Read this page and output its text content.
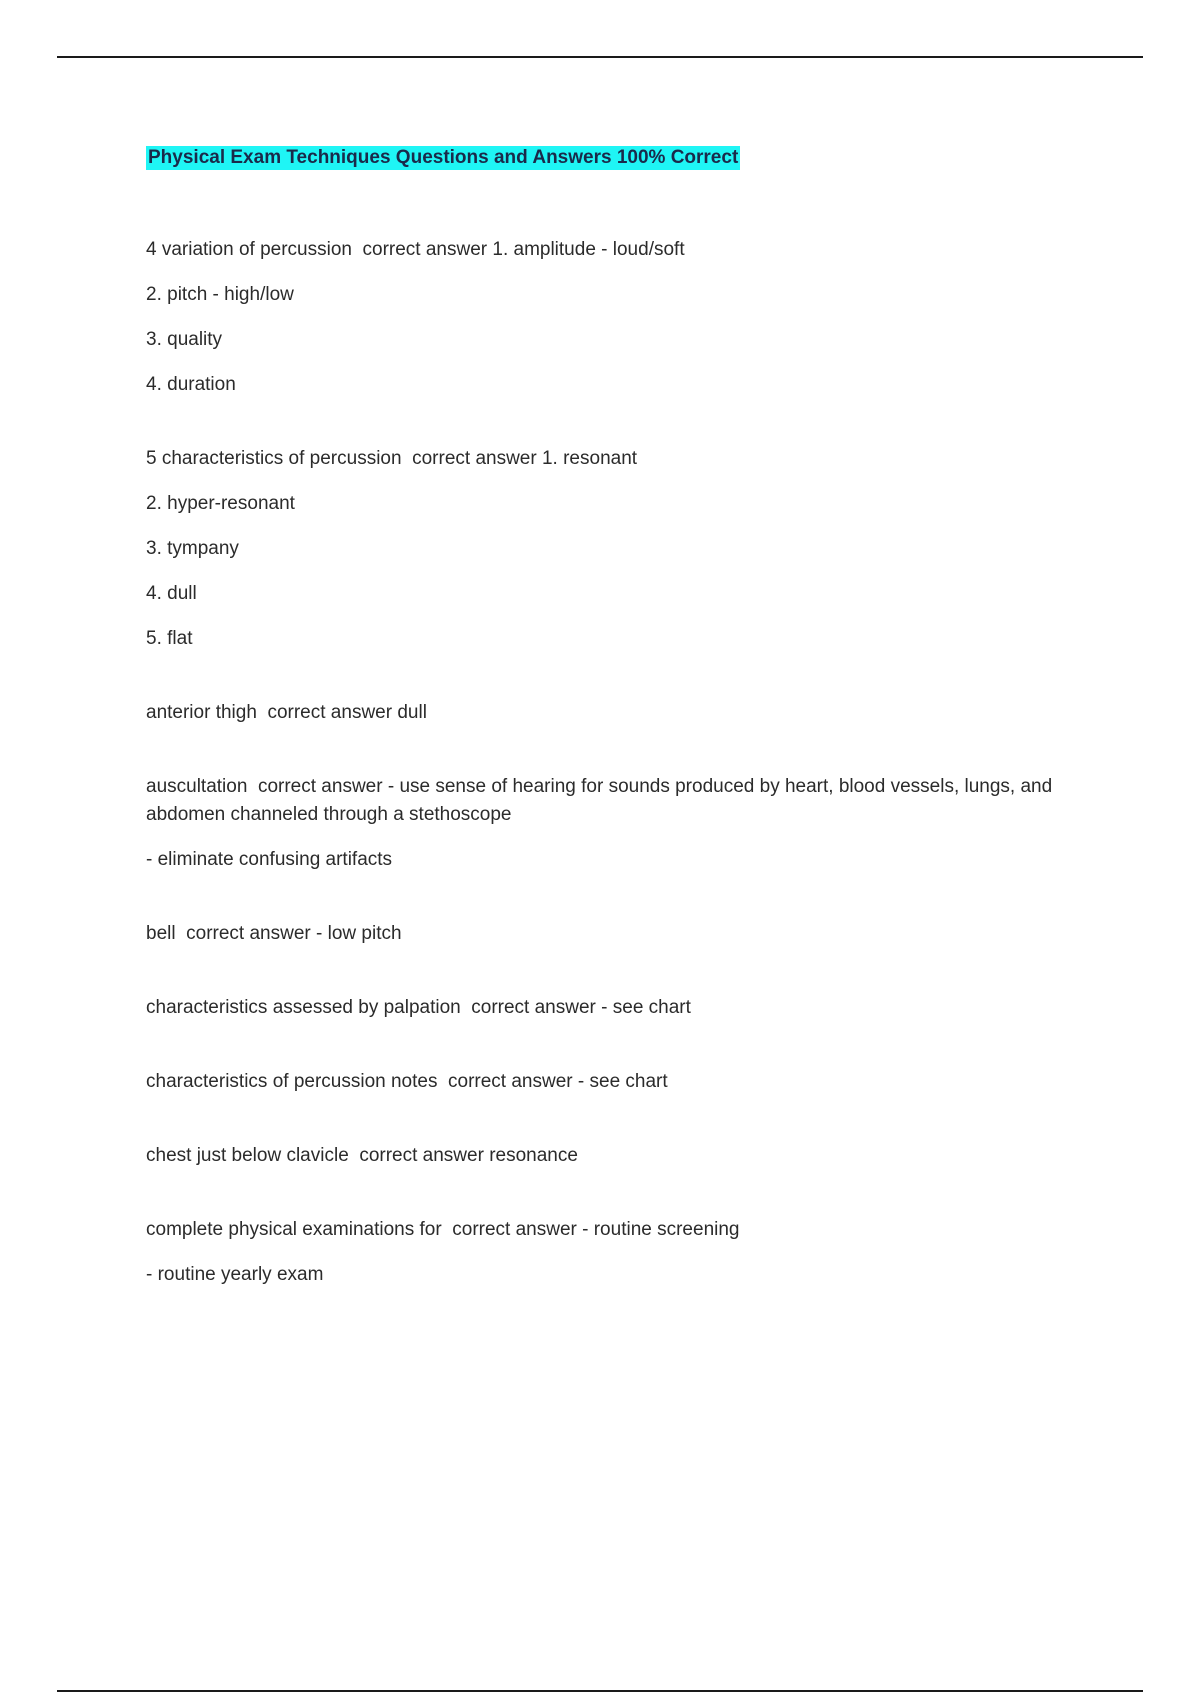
Physical Exam Techniques Questions and Answers 100% Correct

4 variation of percussion  correct answer 1. amplitude - loud/soft

2. pitch - high/low

3. quality

4. duration

5 characteristics of percussion  correct answer 1. resonant

2. hyper-resonant

3. tympany

4. dull

5. flat

anterior thigh  correct answer dull

auscultation  correct answer - use sense of hearing for sounds produced by heart, blood vessels, lungs, and abdomen channeled through a stethoscope

- eliminate confusing artifacts

bell  correct answer - low pitch

characteristics assessed by palpation  correct answer - see chart

characteristics of percussion notes  correct answer - see chart

chest just below clavicle  correct answer resonance

complete physical examinations for  correct answer - routine screening

- routine yearly exam
